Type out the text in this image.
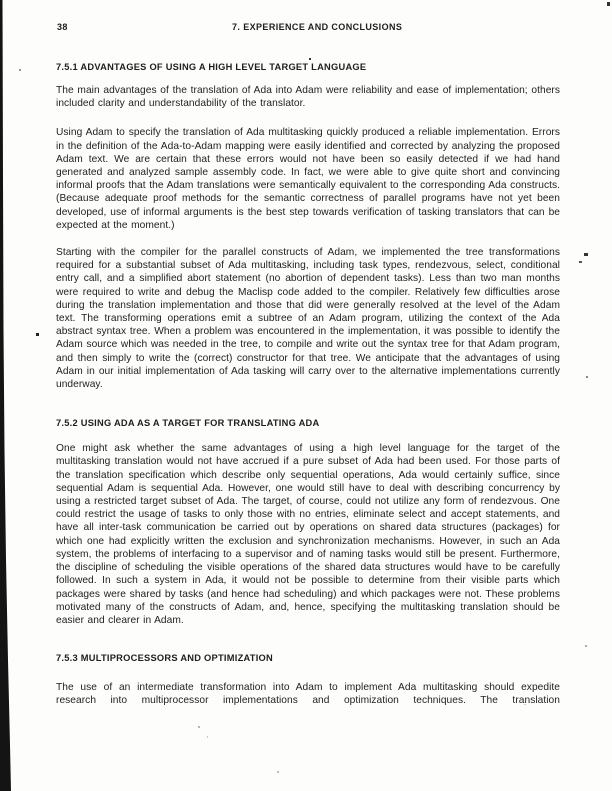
38	7. EXPERIENCE AND CONCLUSIONS
7.5.1 ADVANTAGES OF USING A HIGH LEVEL TARGET LANGUAGE
The main advantages of the translation of Ada into Adam were reliability and ease of implementation; others included clarity and understandability of the translator.
Using Adam to specify the translation of Ada multitasking quickly produced a reliable implementation. Errors in the definition of the Ada-to-Adam mapping were easily identified and corrected by analyzing the proposed Adam text. We are certain that these errors would not have been so easily detected if we had hand generated and analyzed sample assembly code. In fact, we were able to give quite short and convincing informal proofs that the Adam translations were semantically equivalent to the corresponding Ada constructs. (Because adequate proof methods for the semantic correctness of parallel programs have not yet been developed, use of informal arguments is the best step towards verification of tasking translators that can be expected at the moment.)
Starting with the compiler for the parallel constructs of Adam, we implemented the tree transformations required for a substantial subset of Ada multitasking, including task types, rendezvous, select, conditional entry call, and a simplified abort statement (no abortion of dependent tasks). Less than two man months were required to write and debug the Maclisp code added to the compiler. Relatively few difficulties arose during the translation implementation and those that did were generally resolved at the level of the Adam text. The transforming operations emit a subtree of an Adam program, utilizing the context of the Ada abstract syntax tree. When a problem was encountered in the implementation, it was possible to identify the Adam source which was needed in the tree, to compile and write out the syntax tree for that Adam program, and then simply to write the (correct) constructor for that tree. We anticipate that the advantages of using Adam in our initial implementation of Ada tasking will carry over to the alternative implementations currently underway.
7.5.2 USING ADA AS A TARGET FOR TRANSLATING ADA
One might ask whether the same advantages of using a high level language for the target of the multitasking translation would not have accrued if a pure subset of Ada had been used. For those parts of the translation specification which describe only sequential operations, Ada would certainly suffice, since sequential Adam is sequential Ada. However, one would still have to deal with describing concurrency by using a restricted target subset of Ada. The target, of course, could not utilize any form of rendezvous. One could restrict the usage of tasks to only those with no entries, eliminate select and accept statements, and have all inter-task communication be carried out by operations on shared data structures (packages) for which one had explicitly written the exclusion and synchronization mechanisms. However, in such an Ada system, the problems of interfacing to a supervisor and of naming tasks would still be present. Furthermore, the discipline of scheduling the visible operations of the shared data structures would have to be carefully followed. In such a system in Ada, it would not be possible to determine from their visible parts which packages were shared by tasks (and hence had scheduling) and which packages were not. These problems motivated many of the constructs of Adam, and, hence, specifying the multitasking translation should be easier and clearer in Adam.
7.5.3 MULTIPROCESSORS AND OPTIMIZATION
The use of an intermediate transformation into Adam to implement Ada multitasking should expedite research into multiprocessor implementations and optimization techniques. The translation
